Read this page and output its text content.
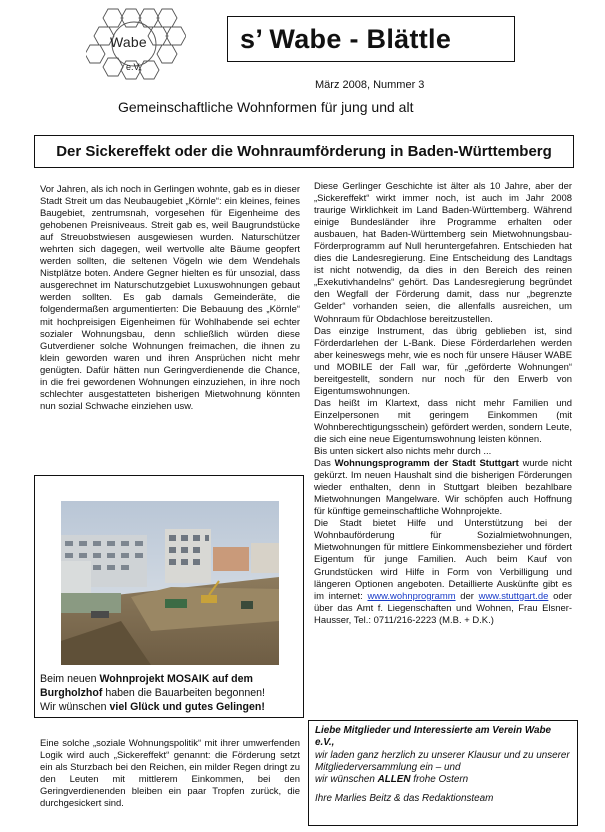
Wabe
e.V.
s’ Wabe - Blättle
März 2008, Nummer 3
Gemeinschaftliche Wohnformen für jung und alt
Der Sickereffekt oder die Wohnraumförderung in Baden-Württemberg

Vor Jahren, als ich noch in Gerlingen wohnte, gab es in dieser Stadt Streit um das Neubaugebiet „Körnle“: ein kleines, feines Baugebiet, zentrumsnah, vorgesehen für Eigenheime des gehobenen Preisniveaus. Streit gab es, weil Baugrundstücke auf Streuobstwiesen ausgewiesen wurden. Naturschützer wehrten sich dagegen, weil wertvolle alte Bäume geopfert werden sollten, die seltenen Vögeln wie dem Wendehals Nistplätze boten. Andere Gegner hielten es für unsozial, dass ausgerechnet im Naturschutzgebiet Luxuswohnungen gebaut werden sollten. Es gab damals Gemeinderäte, die folgendermaßen argumentierten: Die Bebauung des „Körnle“ mit hochpreisigen Eigenheimen für Wohlhabende sei echter sozialer Wohnungsbau, denn schließlich würden diese Gutverdiener solche Wohnungen freimachen, die ihnen zu klein geworden waren und ihren Ansprüchen nicht mehr genügten. Dafür hätten nun Geringverdienende die Chance, in die frei gewordenen Wohnungen einzuziehen, in ihre noch schlechter ausgestatteten bisherigen Mietwohnung könnten nun sozial Schwache einziehen usw.

Beim neuen Wohnprojekt MOSAIK auf dem Burgholzhof haben die Bauarbeiten begonnen!
Wir wünschen viel Glück und gutes Gelingen!

Eine solche „soziale Wohnungspolitik“ mit ihrer umwerfenden Logik wird auch „Sickereffekt“ genannt: die Förderung setzt ein als Sturzbach bei den Reichen, ein milder Regen dringt zu den Leuten mit mittlerem Einkommen, bei den Geringverdienenden bleiben ein paar Tropfen zurück, die durchgesickert sind.

Diese Gerlinger Geschichte ist älter als 10 Jahre, aber der „Sickereffekt“ wirkt immer noch, ist auch im Jahr 2008 traurige Wirklichkeit im Land Baden-Württemberg. Während einige Bundesländer ihre Programme erhalten oder ausbauen, hat Baden-Württemberg sein Mietwohnungsbau-Förderprogramm auf Null heruntergefahren. Entschieden hat dies die Landesregierung. Eine Entscheidung des Landtags ist nicht notwendig, da dies in den Bereich des reinen „Exekutivhandelns“ gehört. Das Landesregierung begründet den Wegfall der Förderung damit, dass nur „begrenzte Gelder“ vorhanden seien, die allenfalls ausreichen, um Wohnraum für Obdachlose bereitzustellen.

Das einzige Instrument, das übrig geblieben ist, sind Förderdarlehen der L-Bank. Diese Förderdarlehen werden aber keineswegs mehr, wie es noch für unsere Häuser WABE und MOBILE der Fall war, für „geförderte Wohnungen“ bereitgestellt, sondern nur noch für den Erwerb von Eigentumswohnungen.

Das heißt im Klartext, dass nicht mehr Familien und Einzelpersonen mit geringem Einkommen (mit Wohnberechtigungsschein) gefördert werden, sondern Leute, die sich eine neue Eigentumswohnung leisten können.

Bis unten sickert also nichts mehr durch ...

Das Wohnungsprogramm der Stadt Stuttgart wurde nicht gekürzt. Im neuen Haushalt sind die bisherigen Förderungen wieder enthalten, denn in Stuttgart bleiben bezahlbare Mietwohnungen Mangelware. Wir schöpfen auch Hoffnung für künftige gemeinschaftliche Wohnprojekte.

Die Stadt bietet Hilfe und Unterstützung bei der Wohnbauförderung für Sozialmietwohnungen, Mietwohnungen für mittlere Einkommensbezieher und fördert Eigentum für junge Familien. Auch beim Kauf von Grundstücken wird Hilfe in Form von Verbilligung und längeren Optionen angeboten. Detaillierte Auskünfte gibt es im internet: www.wohnprogramm der www.stuttgart.de oder über das Amt f. Liegenschaften und Wohnen, Frau Elsner-Hausser, Tel.: 0711/216-2223 (M.B. + D.K.)

Liebe Mitglieder und Interessierte am Verein Wabe e.V.,
wir laden ganz herzlich zu unserer Klausur und zu unserer Mitgliederversammlung ein – und
wir wünschen ALLEN frohe Ostern
Ihre Marlies Beitz & das Redaktionsteam
